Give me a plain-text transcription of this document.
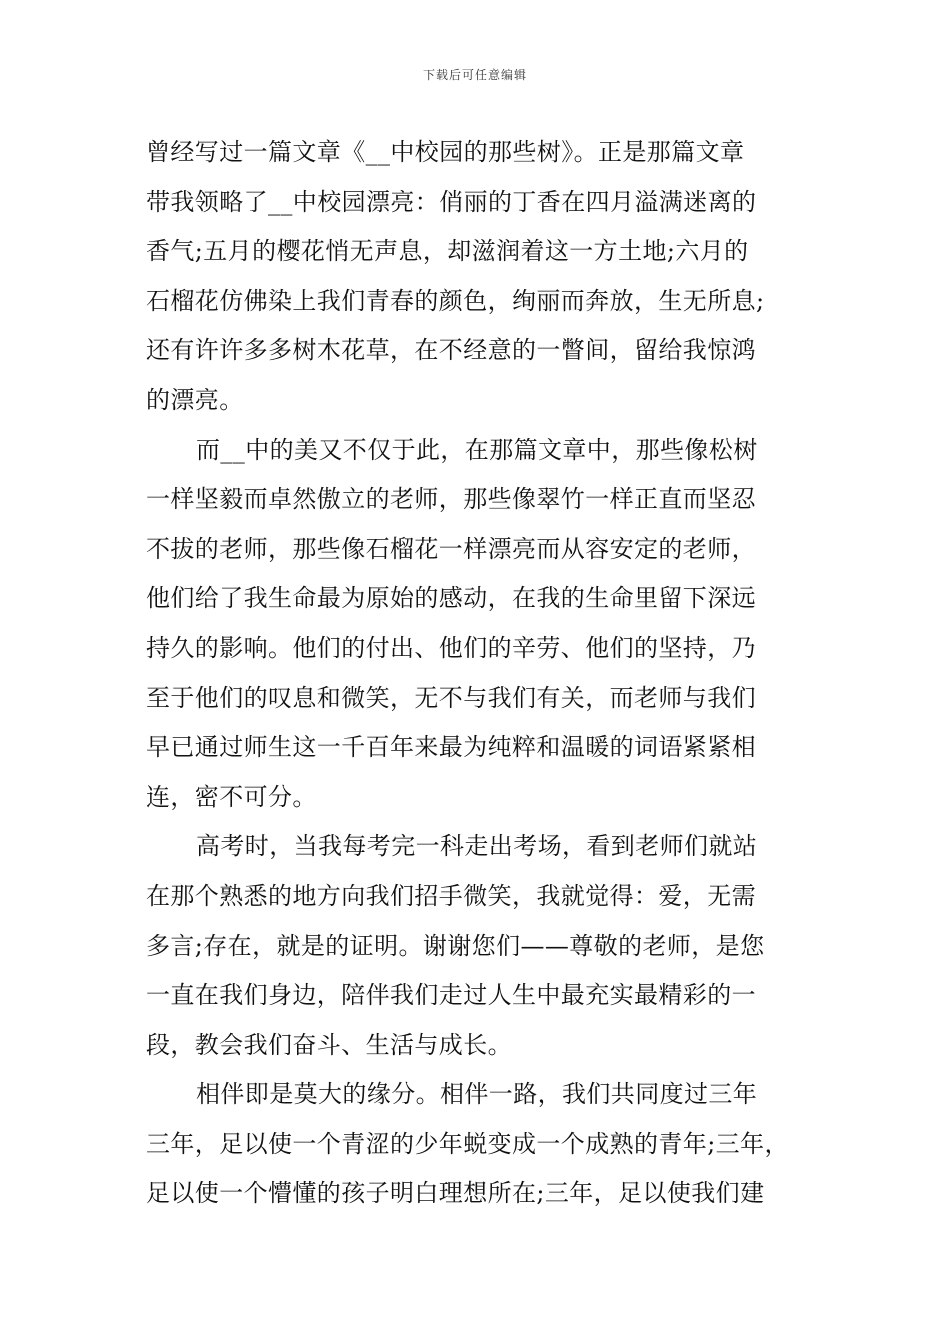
下载后可任意编辑
曾经写过一篇文章《__中校园的那些树》。正是那篇文章
带我领略了__中校园漂亮：俏丽的丁香在四月溢满迷离的
香气;五月的樱花悄无声息，却滋润着这一方土地;六月的
石榴花仿佛染上我们青春的颜色，绚丽而奔放，生无所息;
还有许许多多树木花草，在不经意的一瞥间，留给我惊鸿
的漂亮。
而__中的美又不仅于此，在那篇文章中，那些像松树
一样坚毅而卓然傲立的老师，那些像翠竹一样正直而坚忍
不拔的老师，那些像石榴花一样漂亮而从容安定的老师，
他们给了我生命最为原始的感动，在我的生命里留下深远
持久的影响。他们的付出、他们的辛劳、他们的坚持，乃
至于他们的叹息和微笑，无不与我们有关，而老师与我们
早已通过师生这一千百年来最为纯粹和温暖的词语紧紧相
连，密不可分。
高考时，当我每考完一科走出考场，看到老师们就站
在那个熟悉的地方向我们招手微笑，我就觉得：爱，无需
多言;存在，就是的证明。谢谢您们——尊敬的老师，是您
一直在我们身边，陪伴我们走过人生中最充实最精彩的一
段，教会我们奋斗、生活与成长。
相伴即是莫大的缘分。相伴一路，我们共同度过三年
三年，足以使一个青涩的少年蜕变成一个成熟的青年;三年，
足以使一个懵懂的孩子明白理想所在;三年，足以使我们建
